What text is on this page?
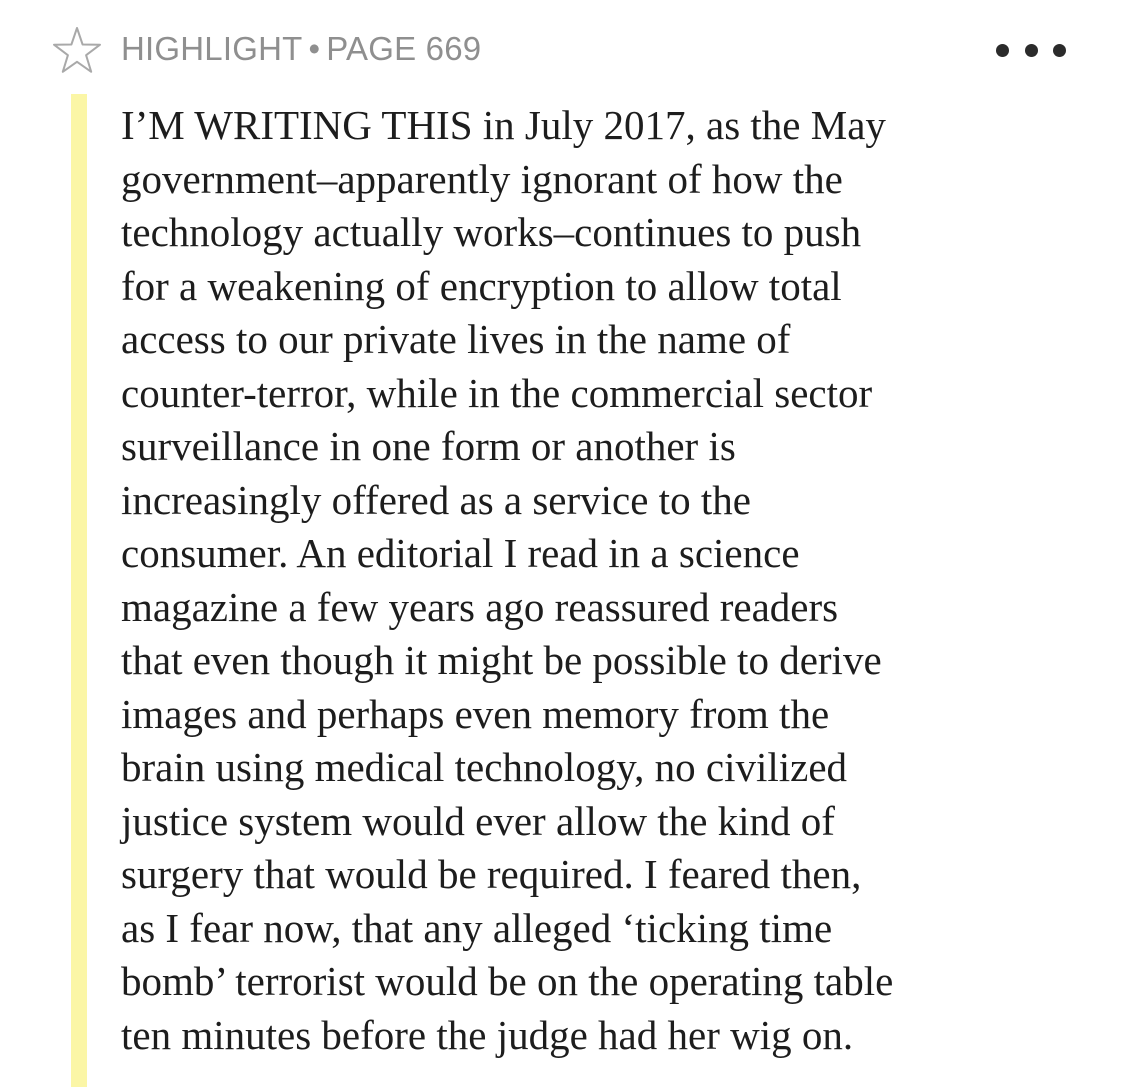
HIGHLIGHT • PAGE 669

I’M WRITING THIS in July 2017, as the May
government–apparently ignorant of how the
technology actually works–continues to push
for a weakening of encryption to allow total
access to our private lives in the name of
counter-terror, while in the commercial sector
surveillance in one form or another is
increasingly offered as a service to the
consumer. An editorial I read in a science
magazine a few years ago reassured readers
that even though it might be possible to derive
images and perhaps even memory from the
brain using medical technology, no civilized
justice system would ever allow the kind of
surgery that would be required. I feared then,
as I fear now, that any alleged ‘ticking time
bomb’ terrorist would be on the operating table
ten minutes before the judge had her wig on.
